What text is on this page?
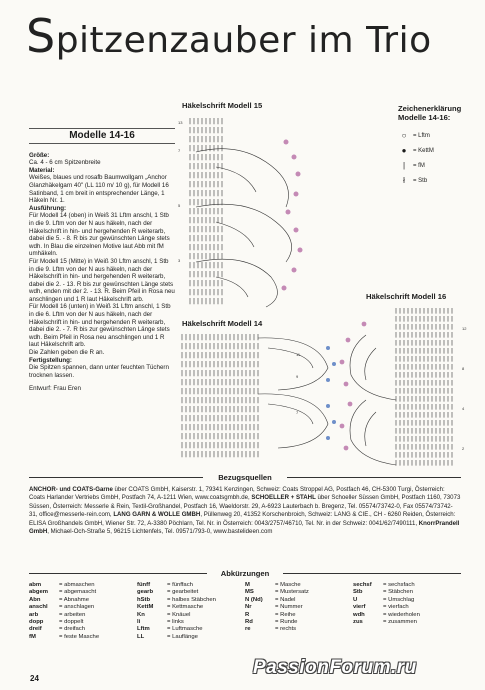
Spitzenzauber im Trio
Modelle 14-16

Größe:

Ca. 4 - 6 cm Spitzenbreite

Material:

Weißes, blaues und rosafb Baumwollgarn „Anchor Glanzhäkelgarn 40" (LL 110 m/ 10 g), für Modell 16 Satinband, 1 cm breit in entsprechender Länge, 1 Häkeln Nr. 1.

Ausführung:

Für Modell 14 (oben) in Weiß 31 Lftm anschl, 1 Stb in die 9. Lftm von der N aus häkeln, nach der Häkelschrift in hin- und hergehenden R weiterarb, dabei die 5. - 8. R bis zur gewünschten Länge stets wdh. In Blau die einzelnen Motive laut Abb mit fM umhäkeln.

Für Modell 15 (Mitte) in Weiß 30 Lftm anschl, 1 Stb in die 9. Lftm von der N aus häkeln, nach der Häkelschrift in hin- und hergehenden R weiterarb, dabei die 2. - 13. R bis zur gewünschten Länge stets wdh, enden mit der 2. - 13. R. Beim Pfeil in Rosa neu anschlingen und 1 R laut Häkelschrift arb.

Für Modell 16 (unten) in Weiß 31 Lftm anschl, 1 Stb in die 6. Lftm von der N aus häkeln, nach der Häkelschrift in hin- und hergehenden R weiterarb, dabei die 2. - 7. R bis zur gewünschten Länge stets wdh. Beim Pfeil in Rosa neu anschlingen und 1 R laut Häkelschrift arb.

Die Zahlen geben die R an.

Fertigstellung:

Die Spitzen spannen, dann unter feuchten Tüchern trocknen lassen.

Entwurf: Frau Eren

Häkelschrift Modell 15
Häkelschrift Modell 14
Häkelschrift Modell 16
13
7
5
3
11
9
7
12
8
4
2
Zeichenerklärung Modelle 14-16:
○	= Lftm
●	= KettM
|	= fM
ł	= Stb
Bezugsquellen

ANCHOR- und COATS-Garne über COATS GmbH, Kaiserstr. 1, 79341 Kenzingen, Schweiz: Coats Stroppel AG, Postfach 46, CH-5300 Turgi, Österreich: Coats Harlander Vertriebs GmbH, Postfach 74, A-1211 Wien, www.coatsgmbh.de, SCHOELLER + STAHL über Schoeller Süssen GmbH, Postfach 1160, 73073 Süssen, Österreich: Messerle & Rein, Textil-Großhandel, Postfach 16, Waeldorstr. 29, A-6923 Lauterbach b. Bregenz, Tel. 05574/73742-0, Fax 05574/73742-31, office@messerle-rein.com, LANG GARN & WOLLE GMBH, Püllenweg 20, 41352 Korschenbroich, Schweiz: LANG & CIE., CH - 6260 Reiden, Österreich: ELISA Großhandels GmbH, Wiener Str. 72, A-3380 Pöchlarn, Tel. Nr. in Österreich: 0043/2757/46710, Tel. Nr. in der Schweiz: 0041/62/7490111, KnorrPrandell GmbH, Michael-Och-Straße 5, 96215 Lichtenfels, Tel. 09571/793-0, www.bastelideen.com

Abkürzungen
abm	= abmaschen
abgem	= abgemascht
Abn	= Abnahme
anschl	= anschlagen
arb	= arbeiten
dopp	= doppelt
dreif	= dreifach
fM	= feste Masche
fünff	= fünffach
gearb	= gearbeitet
hStb	= halbes Stäbchen
KettM	= Kettmasche
Kn	= Knäuel
li	= links
Lftm	= Luftmasche
LL	= Lauflänge
M	= Masche
MS	= Mustersatz
N (Nd)	= Nadel
Nr	= Nummer
R	= Reihe
Rd	= Runde
re	= rechts
sechsf	= sechsfach
Stb	= Stäbchen
U	= Umschlag
vierf	= vierfach
wdh	= wiederholen
zus	= zusammen
24
PassionForum.ru
